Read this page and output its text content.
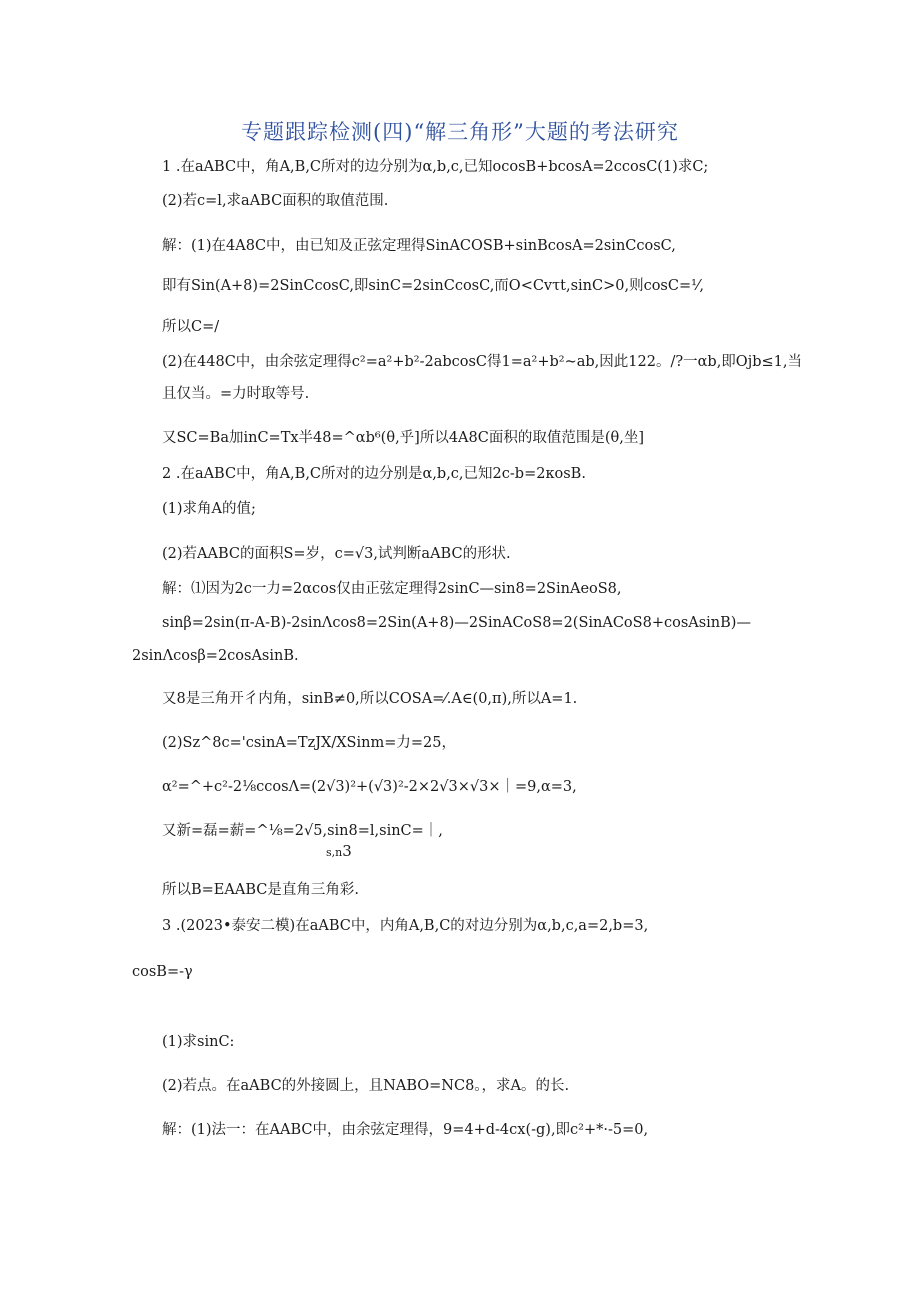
专题跟踪检测(四)“解三角形”大题的考法研究
1 .在aABC中，角A,B,C所对的边分别为α,b,c,已知ocosB+bcosA=2ccosC(1)求C;
(2)若c=l,求aABC面积的取值范围.
解：(1)在4A8C中，由已知及正弦定理得SinACOSB+sinBcosA=2sinCcosC,
即有Sin(A+8)=2SinCcosC,即sinC=2sinCcosC,而O<Cvτt,sinC>0,则cosC=⅟,
所以C=/
(2)在448C中，由余弦定理得c²=a²+b²-2abcosC得1=a²+b²~ab,因此122。/?一αb,即Ojb≤1,当
且仅当。=力时取等号.
又SC=Ba加inC=Tx半48=^αb⁶(θ,乎]所以4A8C面积的取值范围是(θ,坐]
2 .在aABC中，角A,B,C所对的边分别是α,b,c,已知2c-b=2κosB.
(1)求角A的值;
(2)若AABC的面积S=岁，c=√3,试判断aABC的形状.
解：⑴因为2c一力=2αcos仅由正弦定理得2sinC—sin8=2SinAeoS8,
sinβ=2sin(π-A-B)-2sinΛcos8=2Sin(A+8)—2SinACoS8=2(SinACoS8+cosAsinB)—
2sinΛcosβ=2cosAsinB.
又8是三角开彳内角，sinB≠0,所以COSA=⁄.A∈(0,π),所以A=1.
(2)Sz^8c='csinA=TzJX/XSinm=力=25，
α²=^+c²-2⅛ccosΛ=(2√3)²+(√3)²-2×2√3×√3×｜=9,α=3,
又新=磊=薪=^⅛=2√5,sin8=l,sinC=｜,
s,n3
所以B=EAABC是直角三角彩.
3 .(2023•泰安二模)在aABC中，内角A,B,C的对边分别为α,b,c,a=2,b=3,
cosB=-γ
(1)求sinC:
(2)若点。在aABC的外接圆上，且NABO=NC8。，求A。的长.
解：(1)法一：在AABC中，由余弦定理得，9=4+d-4cx(-g),即c²+*·-5=0,
